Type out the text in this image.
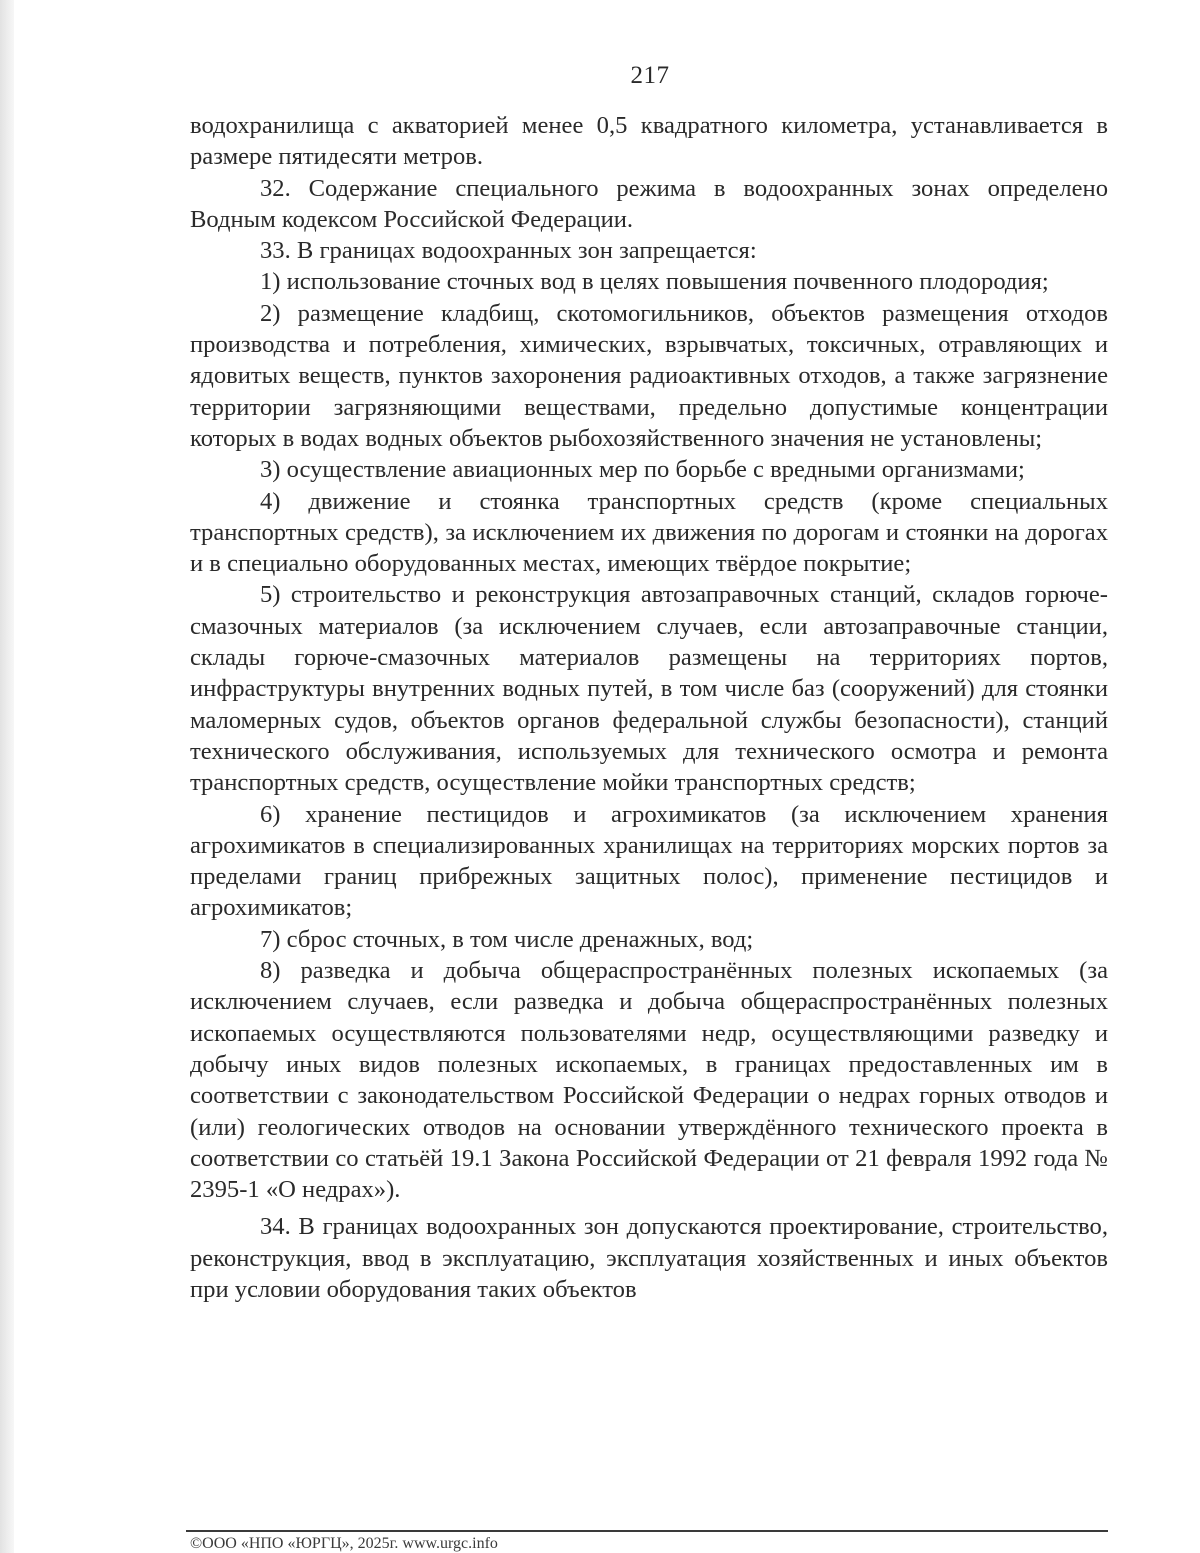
217

водохранилища с акваторией менее 0,5 квадратного километра, устанавливается в размере пятидесяти метров.

32. Содержание специального режима в водоохранных зонах определено Водным кодексом Российской Федерации.

33. В границах водоохранных зон запрещается:

1) использование сточных вод в целях повышения почвенного плодородия;

2) размещение кладбищ, скотомогильников, объектов размещения отходов производства и потребления, химических, взрывчатых, токсичных, отравляющих и ядовитых веществ, пунктов захоронения радиоактивных отходов, а также загрязнение территории загрязняющими веществами, предельно допустимые концентрации которых в водах водных объектов рыбохозяйственного значения не установлены;

3) осуществление авиационных мер по борьбе с вредными организмами;

4) движение и стоянка транспортных средств (кроме специальных транспортных средств), за исключением их движения по дорогам и стоянки на дорогах и в специально оборудованных местах, имеющих твёрдое покрытие;

5) строительство и реконструкция автозаправочных станций, складов горюче-смазочных материалов (за исключением случаев, если автозаправочные станции, склады горюче-смазочных материалов размещены на территориях портов, инфраструктуры внутренних водных путей, в том числе баз (сооружений) для стоянки маломерных судов, объектов органов федеральной службы безопасности), станций технического обслуживания, используемых для технического осмотра и ремонта транспортных средств, осуществление мойки транспортных средств;

6) хранение пестицидов и агрохимикатов (за исключением хранения агрохимикатов в специализированных хранилищах на территориях морских портов за пределами границ прибрежных защитных полос), применение пестицидов и агрохимикатов;

7) сброс сточных, в том числе дренажных, вод;

8) разведка и добыча общераспространённых полезных ископаемых (за исключением случаев, если разведка и добыча общераспространённых полезных ископаемых осуществляются пользователями недр, осуществляющими разведку и добычу иных видов полезных ископаемых, в границах предоставленных им в соответствии с законодательством Российской Федерации о недрах горных отводов и (или) геологических отводов на основании утверждённого технического проекта в соответствии со статьёй 19.1 Закона Российской Федерации от 21 февраля 1992 года № 2395-1 «О недрах»).

34. В границах водоохранных зон допускаются проектирование, строительство, реконструкция, ввод в эксплуатацию, эксплуатация хозяйственных и иных объектов при условии оборудования таких объектов

©ООО «НПО «ЮРГЦ», 2025г. www.urgc.info
